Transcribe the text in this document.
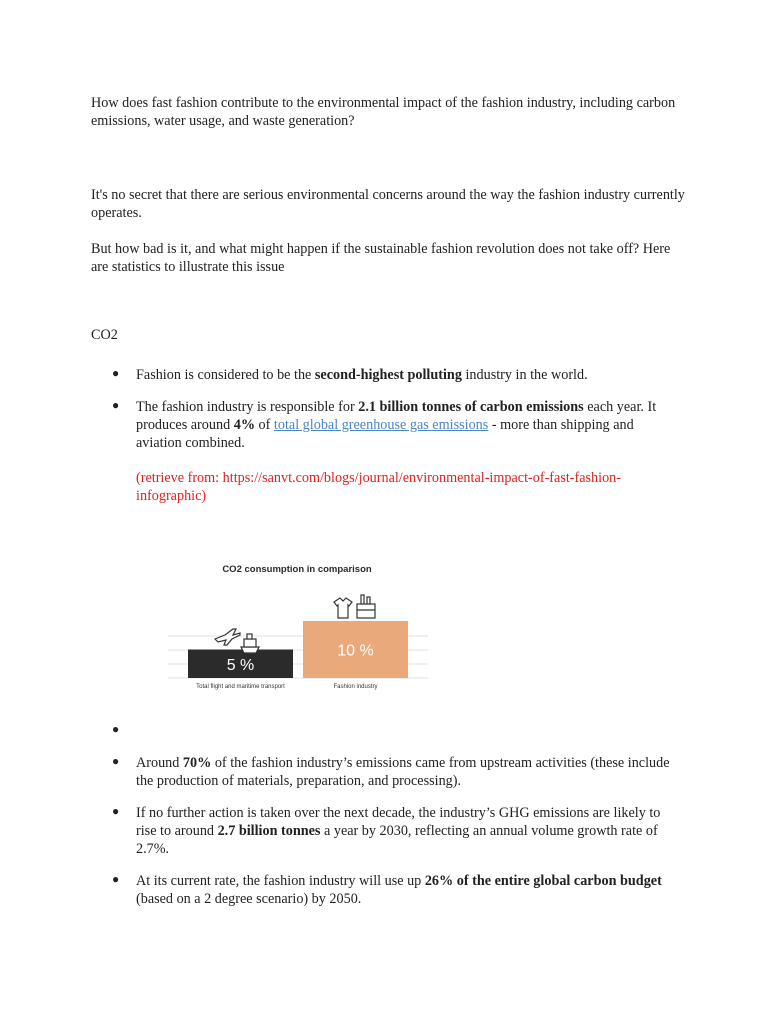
How does fast fashion contribute to the environmental impact of the fashion industry, including carbon emissions, water usage, and waste generation?

It's no secret that there are serious environmental concerns around the way the fashion industry currently operates.

But how bad is it, and what might happen if the sustainable fashion revolution does not take off? Here are statistics to illustrate this issue

CO2

● Fashion is considered to be the second-highest polluting industry in the world.
● The fashion industry is responsible for 2.1 billion tonnes of carbon emissions each year. It produces around 4% of total global greenhouse gas emissions - more than shipping and aviation combined.
(retrieve from: https://sanvt.com/blogs/journal/environmental-impact-of-fast-fashion-infographic)
●
● Around 70% of the fashion industry’s emissions came from upstream activities (these include the production of materials, preparation, and processing).
● If no further action is taken over the next decade, the industry’s GHG emissions are likely to rise to around 2.7 billion tonnes a year by 2030, reflecting an annual volume growth rate of 2.7%.
● At its current rate, the fashion industry will use up 26% of the entire global carbon budget (based on a 2 degree scenario) by 2050.
CO2 consumption in comparison
5 %
Total flight and maritime transport
10 %
Fashion industry
